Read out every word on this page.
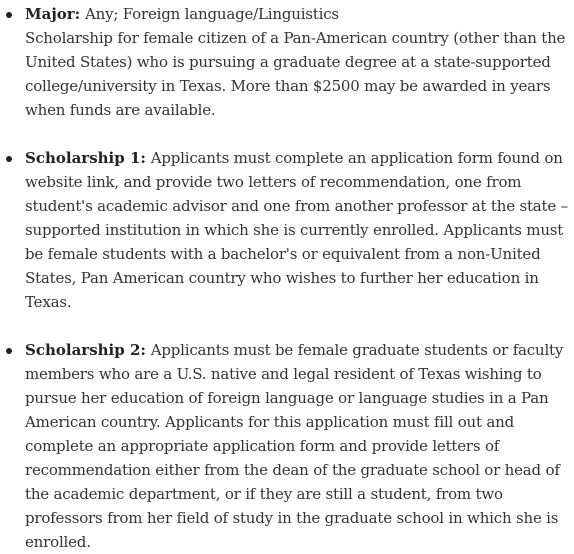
Major: Any; Foreign language/Linguistics
Scholarship for female citizen of a Pan-American country (other than the United States) who is pursuing a graduate degree at a state-supported college/university in Texas. More than $2500 may be awarded in years when funds are available.
Scholarship 1: Applicants must complete an application form found on website link, and provide two letters of recommendation, one from student's academic advisor and one from another professor at the state – supported institution in which she is currently enrolled. Applicants must be female students with a bachelor's or equivalent from a non-United States, Pan American country who wishes to further her education in Texas.
Scholarship 2: Applicants must be female graduate students or faculty members who are a U.S. native and legal resident of Texas wishing to pursue her education of foreign language or language studies in a Pan American country. Applicants for this application must fill out and complete an appropriate application form and provide letters of recommendation either from the dean of the graduate school or head of the academic department, or if they are still a student, from two professors from her field of study in the graduate school in which she is enrolled.
